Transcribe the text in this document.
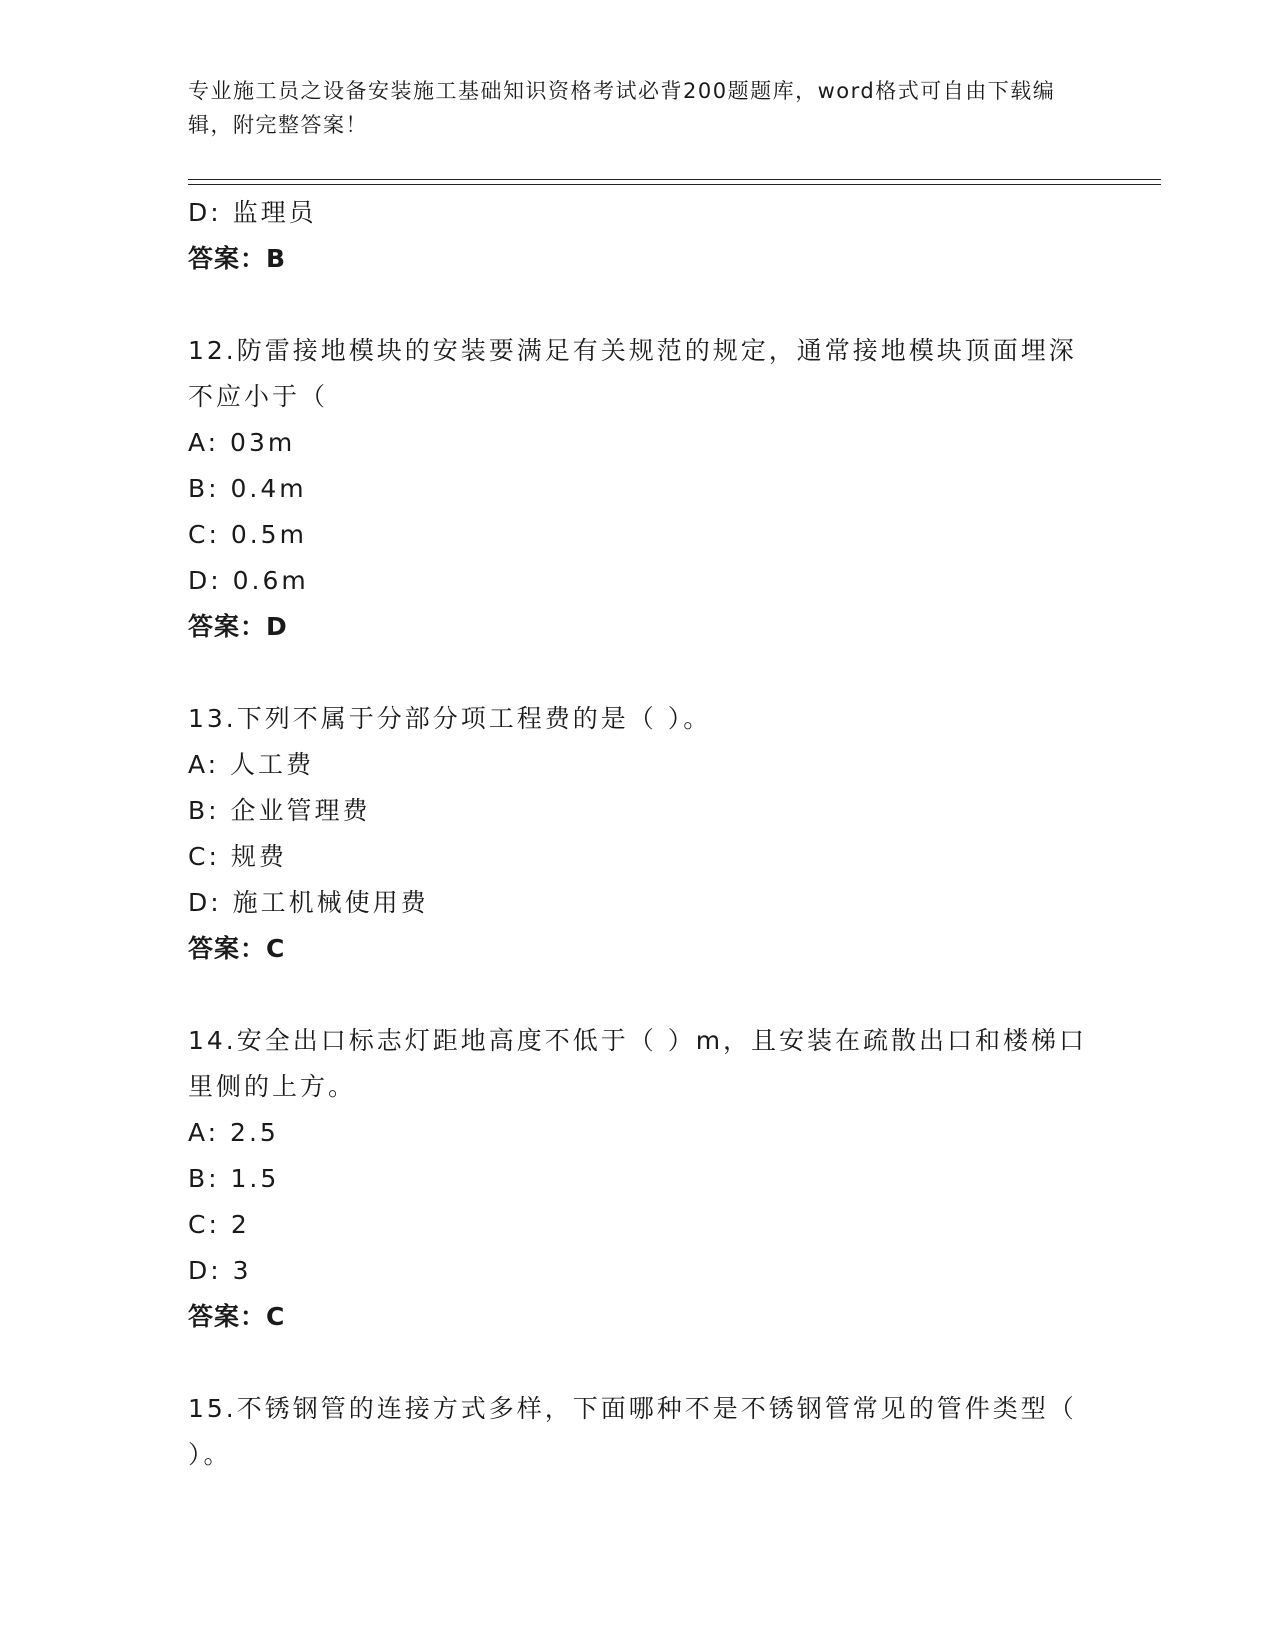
专业施工员之设备安装施工基础知识资格考试必背200题题库，word格式可自由下载编辑，附完整答案！
D: 监理员
答案：B
12.防雷接地模块的安装要满足有关规范的规定，通常接地模块顶面埋深不应小于（
A: 03m
B: 0.4m
C: 0.5m
D: 0.6m
答案：D
13.下列不属于分部分项工程费的是（ ）。
A: 人工费
B: 企业管理费
C: 规费
D: 施工机械使用费
答案：C
14.安全出口标志灯距地高度不低于（ ）m，且安装在疏散出口和楼梯口里侧的上方。
A: 2.5
B: 1.5
C: 2
D: 3
答案：C
15.不锈钢管的连接方式多样，下面哪种不是不锈钢管常见的管件类型（ ）。
